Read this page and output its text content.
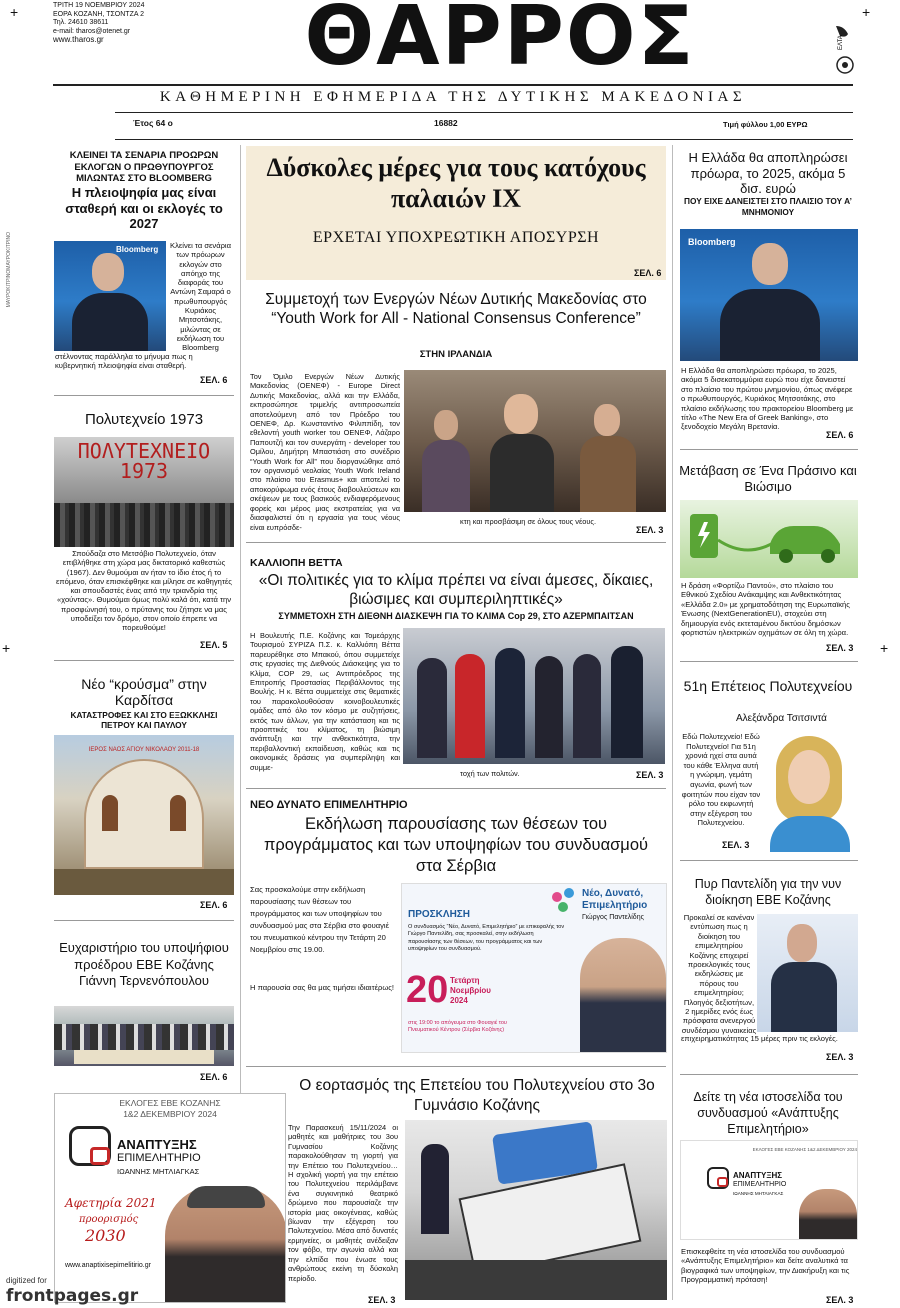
ΤΡΙΤΗ 19 ΝΟΕΜΒΡΙΟΥ 2024
ΕΟΡΑ ΚΟΖΑΝΗ, ΤΣΟΝΤΖΑ 2
Τηλ. 24610 38611
e-mail: tharos@otenet.gr
www.tharos.gr	ΘΑΡΡΟΣ	ΕΛΤΑ
+	+
ΚΑΘΗΜΕΡΙΝΗ ΕΦΗΜΕΡΙΔΑ ΤΗΣ ΔΥΤΙΚΗΣ ΜΑΚΕΔΟΝΙΑΣ
Έτος 64 ο	16882	Τιμή φύλλου 1,00 ΕΥΡΩ
ΜΑΥΡΟΚΙΤΡΙΝΟΜΑΥΡΟΚΙΤΡΙΝΟ
+	+
ΚΛΕΙΝΕΙ ΤΑ ΣΕΝΑΡΙΑ ΠΡΟΩΡΩΝ ΕΚΛΟΓΩΝ Ο ΠΡΩΘΥΠΟΥΡΓΟΣ ΜΙΛΩΝΤΑΣ ΣΤΟ BLOOMBERG
Η πλειοψηφία μας είναι σταθερή και οι εκλογές το 2027
Bloomberg	Κλείνει τα σενάρια των πρόωρων εκλογών στο απόηχο της διαφοράς του Αντώνη Σαμαρά ο πρωθυπουργός Κυριάκος Μητσοτάκης, μιλώντας σε εκδήλωση του Bloomberg
στέλνοντας παράλληλα το μήνυμα πως η κυβερνητική πλειοψηφία είναι σταθερή.
ΣΕΛ. 6
Πολυτεχνείο 1973
ΠΟΛΥΤΕΧΝΕΙΟ 1973
Σπούδαζα στο Μετσόβιο Πολυτεχνείο, όταν επιβλήθηκε στη χώρα μας δικτατορικό καθεστώς (1967). Δεν θυμούμαι αν ήταν το ίδιο έτος ή το επόμενο, όταν επισκέφθηκε και μίλησε σε καθηγητές και σπουδαστές ένας από την τριανδρία της «χούντας». Θυμούμαι όμως πολύ καλά ότι, κατά την προσφώνησή του, ο πρύτανης του ζήτησε να μας υποδείξει τον δρόμο, στον οποίο έπρεπε να πορευθούμε!
ΣΕΛ. 5
Νέο “κρούσμα” στην Καρδίτσα
ΚΑΤΑΣΤΡΟΦΕΣ ΚΑΙ ΣΤΟ ΕΞΩΚΚΛΗΣΙ ΠΕΤΡΟΥ ΚΑΙ ΠΑΥΛΟΥ
ΙΕΡΟΣ ΝΑΟΣ ΑΓΙΟΥ ΝΙΚΟΛΑΟΥ 2011-18
ΣΕΛ. 6
Ευχαριστήριο του υποψήφιου προέδρου ΕΒΕ Κοζάνης Γιάννη Τερνενόπουλου
ΣΕΛ. 6
ΕΚΛΟΓΕΣ ΕΒΕ ΚΟΖΑΝΗΣ
1&2 ΔΕΚΕΜΒΡΙΟΥ 2024
ΑΝΑΠΤΥΞΗΣ
ΕΠΙΜΕΛΗΤΗΡΙΟ
ΙΩΑΝΝΗΣ ΜΗΤΛΙΑΓΚΑΣ
Αφετηρία 2021
προορισμός
2030
www.anaptixisepimelitirio.gr
digitized for
frontpages.gr
Δύσκολες μέρες για τους κατόχους παλαιών ΙΧ
ΕΡΧΕΤΑΙ ΥΠΟΧΡΕΩΤΙΚΗ ΑΠΟΣΥΡΣΗ
ΣΕΛ. 6
Συμμετοχή των Ενεργών Νέων Δυτικής Μακεδονίας στο “Youth Work for All - National Consensus Conference”
ΣΤΗΝ ΙΡΛΑΝΔΙΑ
Τον Όμιλο Ενεργών Νέων Δυτικής Μακεδονίας (ΟΕΝΕΦ) - Europe Direct Δυτικής Μακεδονίας, αλλά και την Ελλάδα, εκπροσώπησε τριμελής αντιπροσωπεία αποτελούμενη από τον Πρόεδρο του ΟΕΝΕΦ, Δρ. Κωνσταντίνο Φιλιππίδη, τον εθελοντή youth worker του ΟΕΝΕΦ, Λάζαρο Παπουτζή και τον συνεργάτη - developer του Ομίλου, Δημήτρη Μπαστιάση στο συνέδριο “Youth Work for All” που διοργανώθηκε από τον οργανισμό νεολαίας Youth Work Ireland στο πλαίσιο του Erasmus+ και αποτελεί το αποκορύφωμα ενός έτους διαβουλεύσεων και σκέψεων με τους βασικούς ενδιαφερόμενους φορείς και μέρος μιας εκστρατείας για να διασφαλιστεί ότι η εργασία για τους νέους είναι ευπρόσδε-
κτη και προσβάσιμη σε όλους τους νέους.
ΣΕΛ. 3
ΚΑΛΛΙΟΠΗ ΒΕΤΤΑ
«Οι πολιτικές για το κλίμα πρέπει να είναι άμεσες, δίκαιες, βιώσιμες και συμπεριληπτικές»
ΣΥΜΜΕΤΟΧΗ ΣΤΗ ΔΙΕΘΝΗ ΔΙΑΣΚΕΨΗ ΓΙΑ ΤΟ ΚΛΙΜΑ Cop 29, ΣΤΟ ΑΖΕΡΜΠΑΙΤΣΑΝ
Η Βουλευτής Π.Ε. Κοζάνης και Τομεάρχης Τουρισμού ΣΥΡΙΖΑ Π.Σ. κ. Καλλιόπη Βέττα παρευρέθηκε στο Μπακού, όπου συμμετείχε στις εργασίες της Διεθνούς Διάσκεψης για το Κλίμα, COP 29, ως Αντιπρόεδρος της Επιτροπής Προστασίας Περιβάλλοντος της Βουλής. Η κ. Βέττα συμμετείχε στις θεματικές του παρακολουθούσαν κοινοβουλευτικές ομάδες από όλο τον κόσμο με συζητήσεις, εκτός των άλλων, για την κατάσταση και τις προοπτικές του κλίματος, τη βιώσιμη ανάπτυξη και την ανθεκτικότητα, την περιβαλλοντική εκπαίδευση, καθώς και τις οικονομικές δράσεις για συμπερίληψη και συμμε-
τοχή των πολιτών.	ΣΕΛ. 3
ΝΕΟ ΔΥΝΑΤΟ ΕΠΙΜΕΛΗΤΗΡΙΟ
Εκδήλωση παρουσίασης των θέσεων του προγράμματος και των υποψηφίων του συνδυασμού στα Σέρβια
Σας προσκαλούμε στην εκδήλωση παρουσίασης των θέσεων του προγράμματος και των υποψηφίων του συνδυασμού μας στα Σέρβια στο φουαγιέ του πνευματικού κέντρου την Τετάρτη 20 Νοεμβρίου στις 19.00.
Η παρουσία σας θα μας τιμήσει ιδιαιτέρως!
ΠΡΟΣΚΛΗΣΗ
Νέο, Δυνατό,
Επιμελητήριο
Γιώργος Παντελίδης
Ο συνδυασμός “Νέο, Δυνατό, Επιμελητήριο” με επικεφαλής τον Γιώργο Παντελίδη, σας προσκαλεί, στην εκδήλωση παρουσίασης των θέσεων, του προγράμματος και των υποψηφίων του συνδυασμού.
20 Τετάρτη
Νοεμβρίου
2024
στις 19:00 το απόγευμα στο Φουαγιέ του Πνευματικού Κέντρου (Σέρβια Κοζάνης)
Ο εορτασμός της Επετείου του Πολυτεχνείου στο 3ο Γυμνάσιο Κοζάνης
Την Παρασκευή 15/11/2024 οι μαθητές και μαθήτριες του 3ου Γυμνασίου Κοζάνης παρακολούθησαν τη γιορτή για την Επέτειο του Πολυτεχνείου… Η σχολική γιορτή για την επέτειο του Πολυτεχνείου περιλάμβανε ένα συγκινητικό θεατρικό δρώμενο που παρουσίαζε την ιστορία μιας οικογένειας, καθώς βίωναν την εξέγερση του Πολυτεχνείου. Μέσα από δυνατές ερμηνείες, οι μαθητές ανέδειξαν τον φόβο, την αγωνία αλλά και την ελπίδα που ένωσε τους ανθρώπους εκείνη τη δύσκολη περίοδο.
ΣΕΛ. 3
Η Ελλάδα θα αποπληρώσει πρόωρα, το 2025, ακόμα 5 δισ. ευρώ
ΠΟΥ ΕΙΧΕ ΔΑΝΕΙΣΤΕΙ ΣΤΟ ΠΛΑΙΣΙΟ ΤΟΥ Α’ ΜΝΗΜΟΝΙΟΥ
Bloomberg
Η Ελλάδα θα αποπληρώσει πρόωρα, το 2025, ακόμα 5 δισεκατομμύρια ευρώ που είχε δανειστεί στο πλαίσιο του πρώτου μνημονίου, όπως ανέφερε ο πρωθυπουργός, Κυριάκος Μητσοτάκης, στο πλαίσιο εκδήλωσης του πρακτορείου Bloomberg με τίτλο «The New Era of Greek Banking», στο ξενοδοχείο Μεγάλη Βρετανία.
ΣΕΛ. 6
Μετάβαση σε Ένα Πράσινο και Βιώσιμο
Η δράση «Φορτίζω Παντού», στο πλαίσιο του Εθνικού Σχεδίου Ανάκαμψης και Ανθεκτικότητας «Ελλάδα 2.0» με χρηματοδότηση της Ευρωπαϊκής Ένωσης (NextGenerationEU), στοχεύει στη δημιουργία ενός εκτεταμένου δικτύου δημόσιων φορτιστών ηλεκτρικών οχημάτων σε όλη τη χώρα.
ΣΕΛ. 3
51η Επέτειος Πολυτεχνείου
Αλεξάνδρα Τσιτσιντά
Εδώ Πολυτεχνείο! Εδώ Πολυτεχνείο! Για 51η χρονιά ηχεί στα αυτιά του κάθε Έλληνα αυτή η γνώριμη, γεμάτη αγωνία, φωνή των φοιτητών που είχαν τον ρόλο του εκφωνητή στην εξέγερση του Πολυτεχνείου.
ΣΕΛ. 3
Πυρ Παντελίδη για την νυν διοίκηση ΕΒΕ Κοζάνης
Προκαλεί σε κανέναν εντύπωση πως η διοίκηση του επιμελητηρίου Κοζάνης επιχειρεί προεκλογικές τους εκδηλώσεις με πόρους του επιμελητηρίου; Πλοηγός δεξιοτήτων, 2 ημερίδες ενός έως πρόσφατα ανενεργού συνδέσμου γυναικείας
επιχειρηματικότητας 15 μέρες πριν τις εκλογές.
ΣΕΛ. 3
Δείτε τη νέα ιστοσελίδα του συνδυασμού «Ανάπτυξης Επιμελητήριο»
ΕΚΛΟΓΕΣ ΕΒΕ ΚΟΖΑΝΗΣ 1&2 ΔΕΚΕΜΒΡΙΟΥ 2024
ΑΝΑΠΤΥΞΗΣ
ΕΠΙΜΕΛΗΤΗΡΙΟ
ΙΩΑΝΝΗΣ ΜΗΤΛΙΑΓΚΑΣ
Επισκεφθείτε τη νέα ιστοσελίδα του συνδυασμού «Ανάπτυξης Επιμελητήριο» και δείτε αναλυτικά τα βιογραφικά των υποψηφίων, την Διακήρυξη και τις Προγραμματική πρόταση!
ΣΕΛ. 3
